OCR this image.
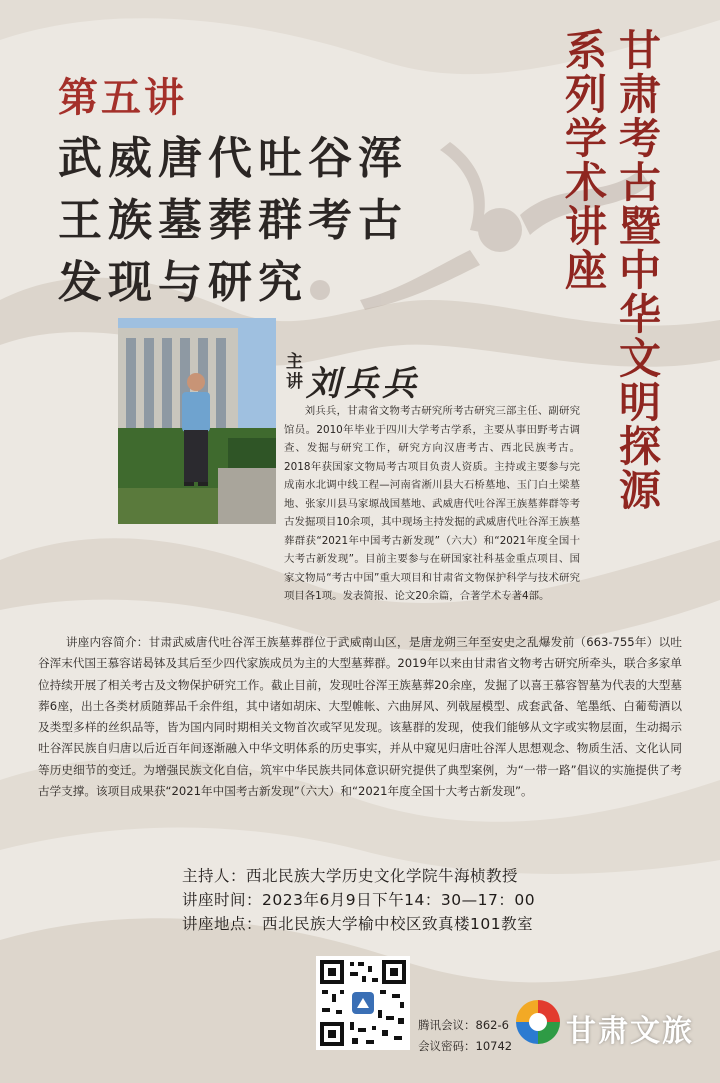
甘肃考古暨中华文明探源
系列学术讲座
第五讲
武威唐代吐谷浑
王族墓葬群考古
发现与研究
主讲 刘兵兵

刘兵兵，甘肃省文物考古研究所考古研究三部主任、副研究馆员。2010年毕业于四川大学考古学系，主要从事田野考古调查、发掘与研究工作，研究方向汉唐考古、西北民族考古。2018年获国家文物局考古项目负责人资质。主持或主要参与完成南水北调中线工程—河南省淅川县大石桥墓地、玉门白土梁墓地、张家川县马家塬战国墓地、武威唐代吐谷浑王族墓葬群等考古发掘项目10余项，其中现场主持发掘的武威唐代吐谷浑王族墓葬群获“2021年中国考古新发现”（六大）和“2021年度全国十大考古新发现”。目前主要参与在研国家社科基金重点项目、国家文物局“考古中国”重大项目和甘肃省文物保护科学与技术研究项目各1项。发表简报、论文20余篇，合著学术专著4部。

讲座内容简介：甘肃武威唐代吐谷浑王族墓葬群位于武威南山区，是唐龙朔三年至安史之乱爆发前（663-755年）以吐谷浑末代国王慕容诺曷钵及其后至少四代家族成员为主的大型墓葬群。2019年以来由甘肃省文物考古研究所牵头，联合多家单位持续开展了相关考古及文物保护研究工作。截止目前，发现吐谷浑王族墓葬20余座，发掘了以喜王慕容智墓为代表的大型墓葬6座，出土各类材质随葬品千余件组，其中诸如胡床、大型帷帐、六曲屏风、列戟屋模型、成套武备、笔墨纸、白葡萄酒以及类型多样的丝织品等，皆为国内同时期相关文物首次或罕见发现。该墓群的发现，使我们能够从文字或实物层面，生动揭示吐谷浑民族自归唐以后近百年间逐渐融入中华文明体系的历史事实，并从中窥见归唐吐谷浑人思想观念、物质生活、文化认同等历史细节的变迁。为增强民族文化自信，筑牢中华民族共同体意识研究提供了典型案例，为“一带一路”倡议的实施提供了考古学支撑。该项目成果获“2021年中国考古新发现”（六大）和“2021年度全国十大考古新发现”。

主持人：西北民族大学历史文化学院牛海桢教授
讲座时间：2023年6月9日下午14：30—17：00
讲座地点：西北民族大学榆中校区致真楼101教室
腾讯会议：862-6
会议密码：10742 甘肃文旅
